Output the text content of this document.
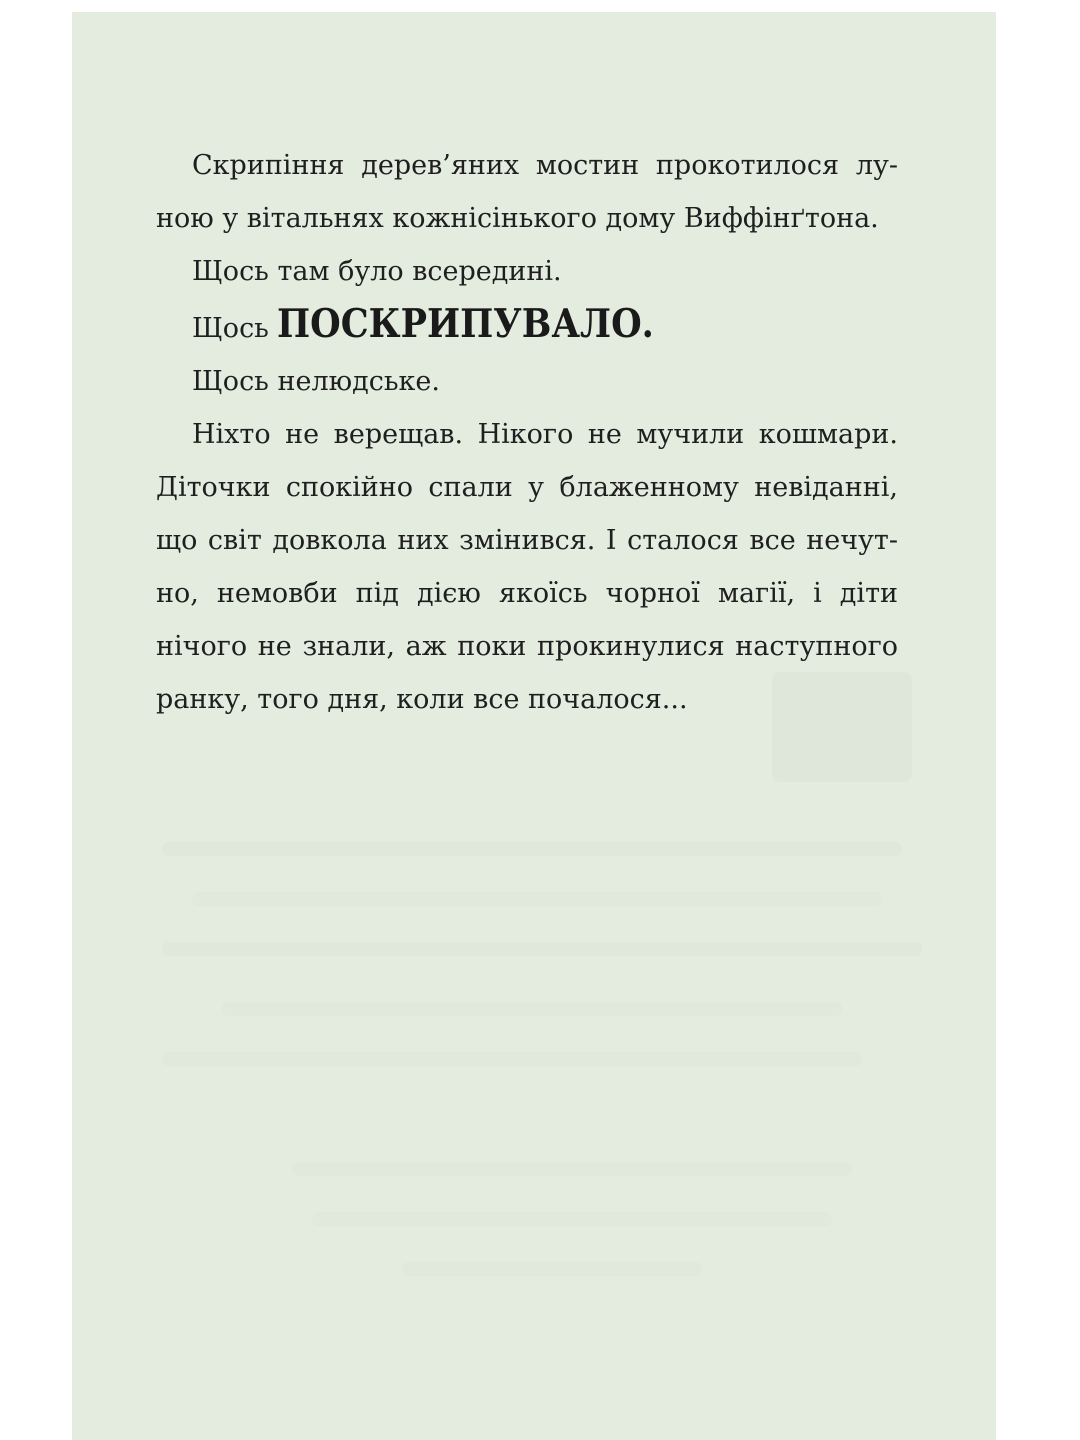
Скрипіння дерев’яних мостин прокотилося лу-
ною у вітальнях кожнісінького дому Виффінґтона.
Щось там було всередині.
Щось ПОСКРИПУВАЛО.
Щось нелюдське.
Ніхто не верещав. Нікого не мучили кошмари.
Діточки спокійно спали у блаженному невіданні,
що світ довкола них змінився. І сталося все нечут-
но, немовби під дією якоїсь чорної магії, і діти
нічого не знали, аж поки прокинулися наступного
ранку, того дня, коли все почалося...
